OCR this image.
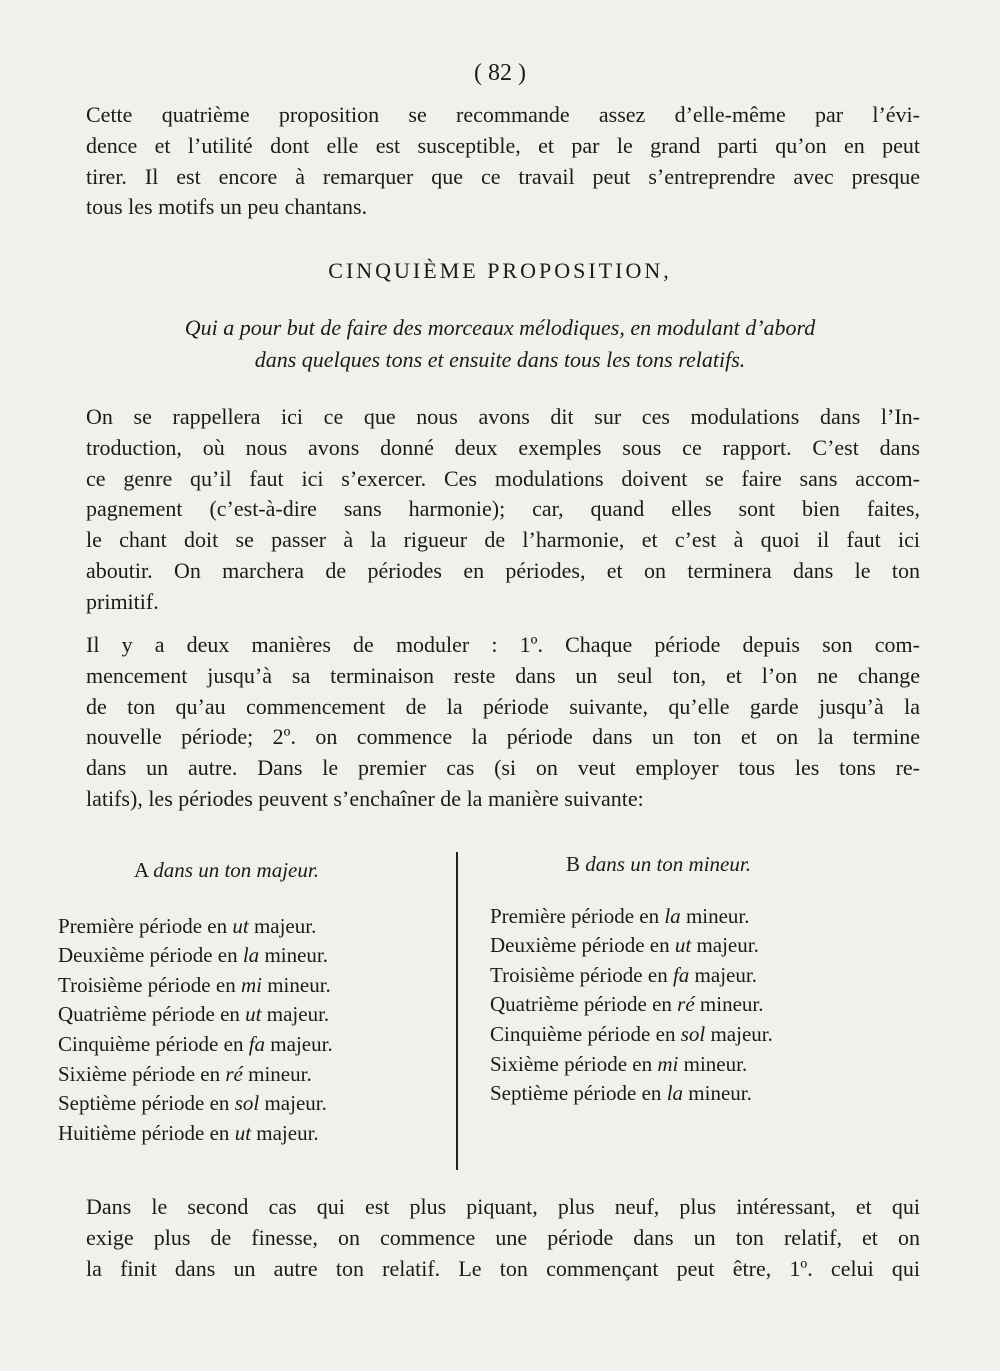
( 82 )
Cette quatrième proposition se recommande assez d’elle-même par l’évi-
dence et l’utilité dont elle est susceptible, et par le grand parti qu’on en peut
tirer. Il est encore à remarquer que ce travail peut s’entreprendre avec presque
tous les motifs un peu chantans.
CINQUIÈME PROPOSITION,
Qui a pour but de faire des morceaux mélodiques, en modulant d’abord
dans quelques tons et ensuite dans tous les tons relatifs.
On se rappellera ici ce que nous avons dit sur ces modulations dans l’In-
troduction, où nous avons donné deux exemples sous ce rapport. C’est dans
ce genre qu’il faut ici s’exercer. Ces modulations doivent se faire sans accom-
pagnement (c’est-à-dire sans harmonie); car, quand elles sont bien faites,
le chant doit se passer à la rigueur de l’harmonie, et c’est à quoi il faut ici
aboutir. On marchera de périodes en périodes, et on terminera dans le ton
primitif.
Il y a deux manières de moduler : 1º. Chaque période depuis son com-
mencement jusqu’à sa terminaison reste dans un seul ton, et l’on ne change
de ton qu’au commencement de la période suivante, qu’elle garde jusqu’à la
nouvelle période; 2º. on commence la période dans un ton et on la termine
dans un autre. Dans le premier cas (si on veut employer tous les tons re-
latifs), les périodes peuvent s’enchaîner de la manière suivante:
A dans un ton majeur.
Première période en ut majeur.
Deuxième période en la mineur.
Troisième période en mi mineur.
Quatrième période en ut majeur.
Cinquième période en fa majeur.
Sixième période en ré mineur.
Septième période en sol majeur.
Huitième période en ut majeur.
B dans un ton mineur.
Première période en la mineur.
Deuxième période en ut majeur.
Troisième période en fa majeur.
Quatrième période en ré mineur.
Cinquième période en sol majeur.
Sixième période en mi mineur.
Septième période en la mineur.
Dans le second cas qui est plus piquant, plus neuf, plus intéressant, et qui
exige plus de finesse, on commence une période dans un ton relatif, et on
la finit dans un autre ton relatif. Le ton commençant peut être, 1º. celui qui
